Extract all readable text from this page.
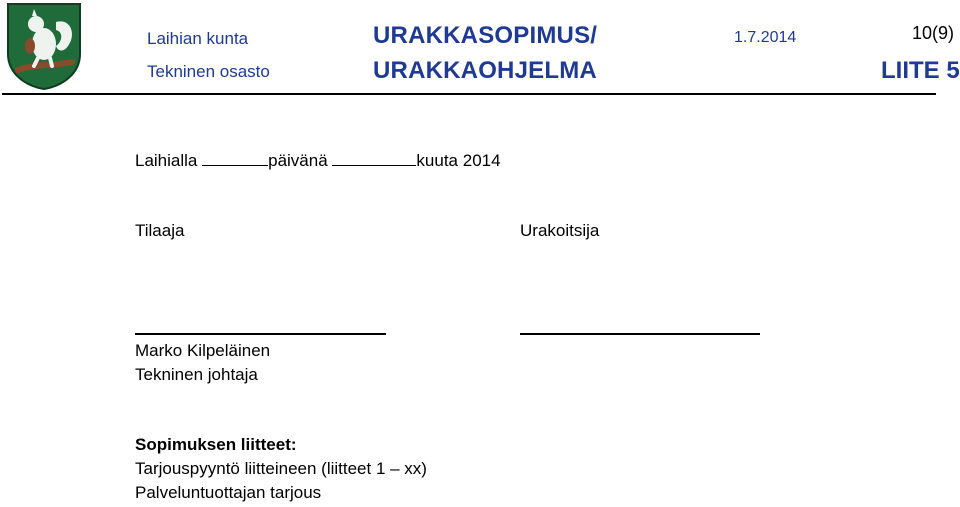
Laihian kunta
Tekninen osasto
URAKKASOPIMUS/
URAKKAOHJELMA
1.7.2014	10(9)
LIITE 5
Laihialla	päivänä	kuuta 2014
Tilaaja	Urakoitsija
Marko Kilpeläinen
Tekninen johtaja
Sopimuksen liitteet:
Tarjouspyyntö liitteineen (liitteet 1 – xx)
Palveluntuottajan tarjous
